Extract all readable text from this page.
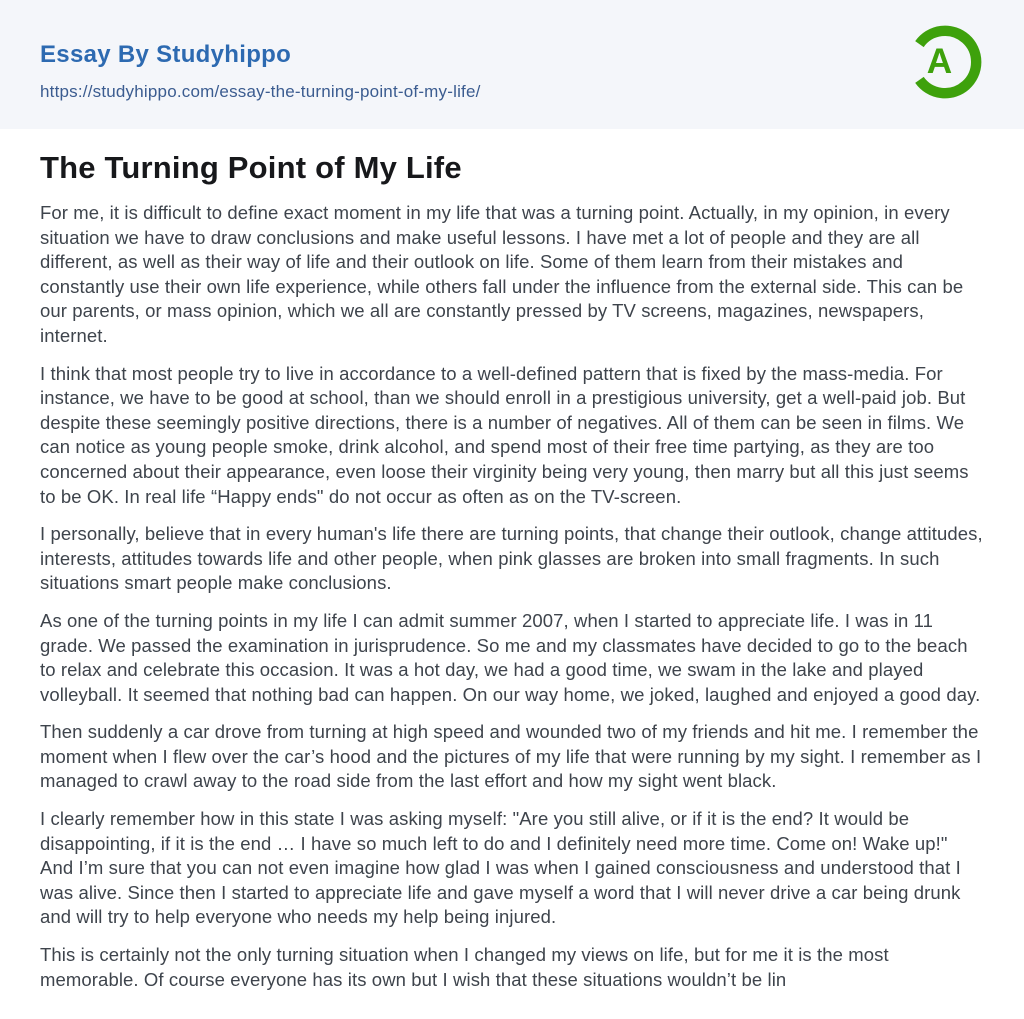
Essay By Studyhippo
https://studyhippo.com/essay-the-turning-point-of-my-life/
A
The Turning Point of My Life

For me, it is difficult to define exact moment in my life that was a turning point. Actually, in my opinion, in every situation we have to draw conclusions and make useful lessons. I have met a lot of people and they are all different, as well as their way of life and their outlook on life. Some of them learn from their mistakes and constantly use their own life experience, while others fall under the influence from the external side. This can be our parents, or mass opinion, which we all are constantly pressed by TV screens, magazines, newspapers, internet.

I think that most people try to live in accordance to a well-defined pattern that is fixed by the mass-media. For instance, we have to be good at school, than we should enroll in a prestigious university, get a well-paid job. But despite these seemingly positive directions, there is a number of negatives. All of them can be seen in films. We can notice as young people smoke, drink alcohol, and spend most of their free time partying, as they are too concerned about their appearance, even loose their virginity being very young, then marry but all this just seems to be OK. In real life “Happy ends" do not occur as often as on the TV-screen.

I personally, believe that in every human's life there are turning points, that change their outlook, change attitudes, interests, attitudes towards life and other people, when pink glasses are broken into small fragments. In such situations smart people make conclusions.

As one of the turning points in my life I can admit summer 2007, when I started to appreciate life. I was in 11 grade. We passed the examination in jurisprudence. So me and my classmates have decided to go to the beach to relax and celebrate this occasion. It was a hot day, we had a good time, we swam in the lake and played volleyball. It seemed that nothing bad can happen. On our way home, we joked, laughed and enjoyed a good day.

Then suddenly a car drove from turning at high speed and wounded two of my friends and hit me. I remember the moment when I flew over the car’s hood and the pictures of my life that were running by my sight. I remember as I managed to crawl away to the road side from the last effort and how my sight went black.

I clearly remember how in this state I was asking myself: "Are you still alive, or if it is the end? It would be disappointing, if it is the end … I have so much left to do and I definitely need more time. Come on! Wake up!" And I’m sure that you can not even imagine how glad I was when I gained consciousness and understood that I was alive. Since then I started to appreciate life and gave myself a word that I will never drive a car being drunk and will try to help everyone who needs my help being injured.

This is certainly not the only turning situation when I changed my views on life, but for me it is the most memorable. Of course everyone has its own but I wish that these situations wouldn’t be lin
